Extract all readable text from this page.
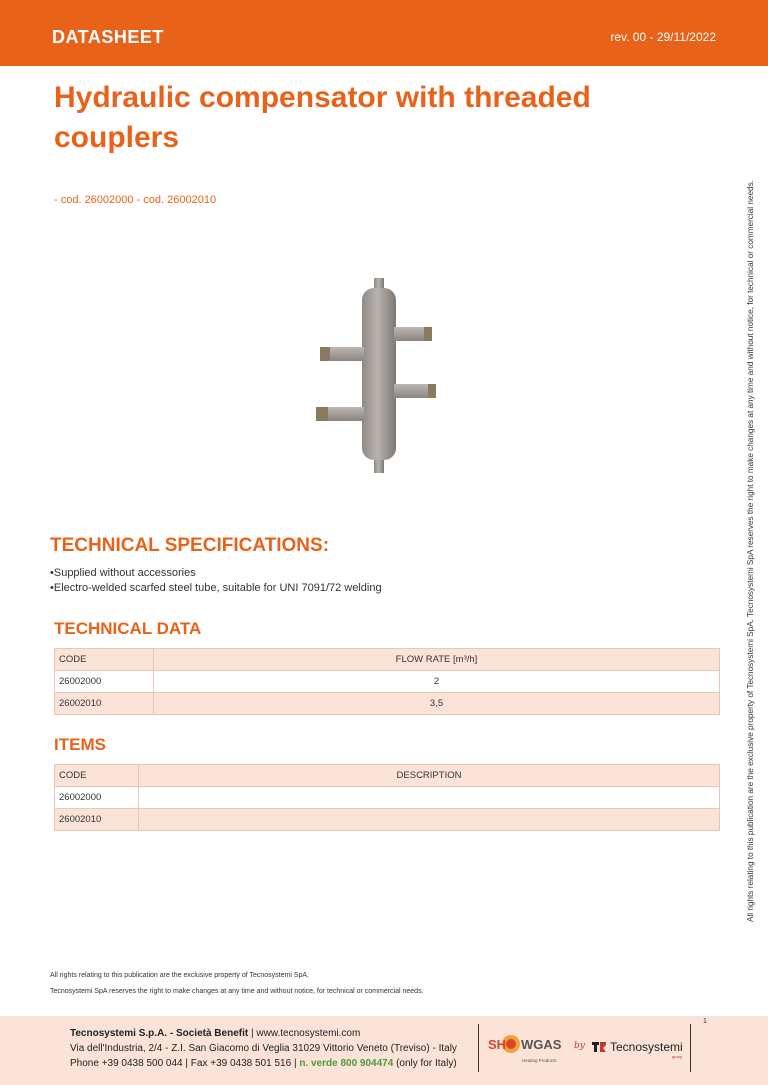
DATASHEET	rev. 00 - 29/11/2022
Hydraulic compensator with threaded couplers
- cod. 26002000 - cod. 26002010	All rights relating to this publication are the exclusive property of Tecnosystemi SpA. Tecnosystemi SpA reserves the right to make changes at any time and without notice, for technical or commercial needs.
TECHNICAL SPECIFICATIONS:
• Supplied without accessories
• Electro-welded scarfed steel tube, suitable for UNI 7091/72 welding
TECHNICAL DATA
CODE	FLOW RATE [m³/h]
26002000	2
26002010	3,5
ITEMS
CODE	DESCRIPTION
26002000	
26002010	
All rights relating to this publication are the exclusive property of Tecnosystemi SpA.
Tecnosystemi SpA reserves the right to make changes at any time and without notice, for technical or commercial needs.
Tecnosystemi S.p.A. - Società Benefit | www.tecnosystemi.com
Via dell'Industria, 2/4 - Z.I. San Giacomo di Veglia 31029 Vittorio Veneto (Treviso) - Italy
Phone +39 0438 500 044 | Fax +39 0438 501 516 | n. verde 800 904474 (only for Italy)
SH WGAS
Heating Products
by Tecnosystemi
group
1
